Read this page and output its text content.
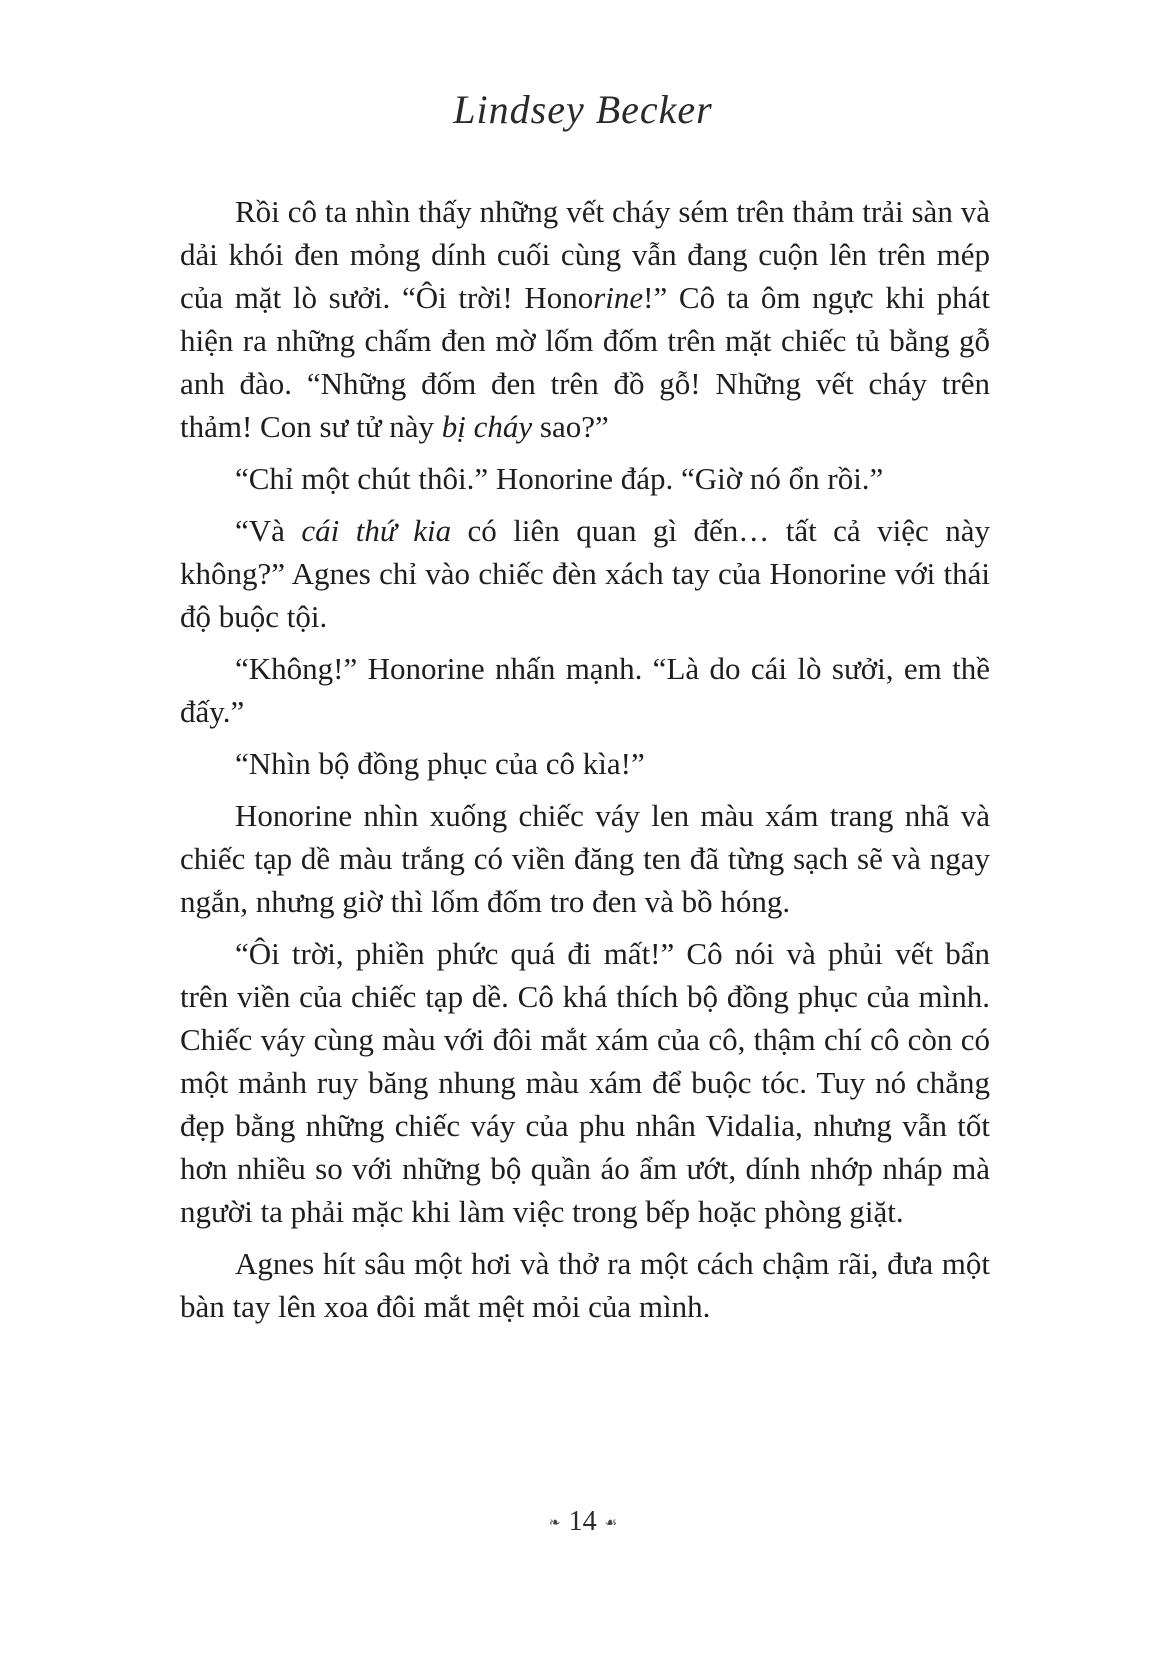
Lindsey Becker

Rồi cô ta nhìn thấy những vết cháy sém trên thảm trải sàn và dải khói đen mỏng dính cuối cùng vẫn đang cuộn lên trên mép của mặt lò sưởi. “Ôi trời! Honorine!” Cô ta ôm ngực khi phát hiện ra những chấm đen mờ lốm đốm trên mặt chiếc tủ bằng gỗ anh đào. “Những đốm đen trên đồ gỗ! Những vết cháy trên thảm! Con sư tử này bị cháy sao?”

“Chỉ một chút thôi.” Honorine đáp. “Giờ nó ổn rồi.”

“Và cái thứ kia có liên quan gì đến… tất cả việc này không?” Agnes chỉ vào chiếc đèn xách tay của Honorine với thái độ buộc tội.

“Không!” Honorine nhấn mạnh. “Là do cái lò sưởi, em thề đấy.”

“Nhìn bộ đồng phục của cô kìa!”

Honorine nhìn xuống chiếc váy len màu xám trang nhã và chiếc tạp dề màu trắng có viền đăng ten đã từng sạch sẽ và ngay ngắn, nhưng giờ thì lốm đốm tro đen và bồ hóng.

“Ôi trời, phiền phức quá đi mất!” Cô nói và phủi vết bẩn trên viền của chiếc tạp dề. Cô khá thích bộ đồng phục của mình. Chiếc váy cùng màu với đôi mắt xám của cô, thậm chí cô còn có một mảnh ruy băng nhung màu xám để buộc tóc. Tuy nó chẳng đẹp bằng những chiếc váy của phu nhân Vidalia, nhưng vẫn tốt hơn nhiều so với những bộ quần áo ẩm ướt, dính nhớp nháp mà người ta phải mặc khi làm việc trong bếp hoặc phòng giặt.

Agnes hít sâu một hơi và thở ra một cách chậm rãi, đưa một bàn tay lên xoa đôi mắt mệt mỏi của mình.

❧ 14 ☙
